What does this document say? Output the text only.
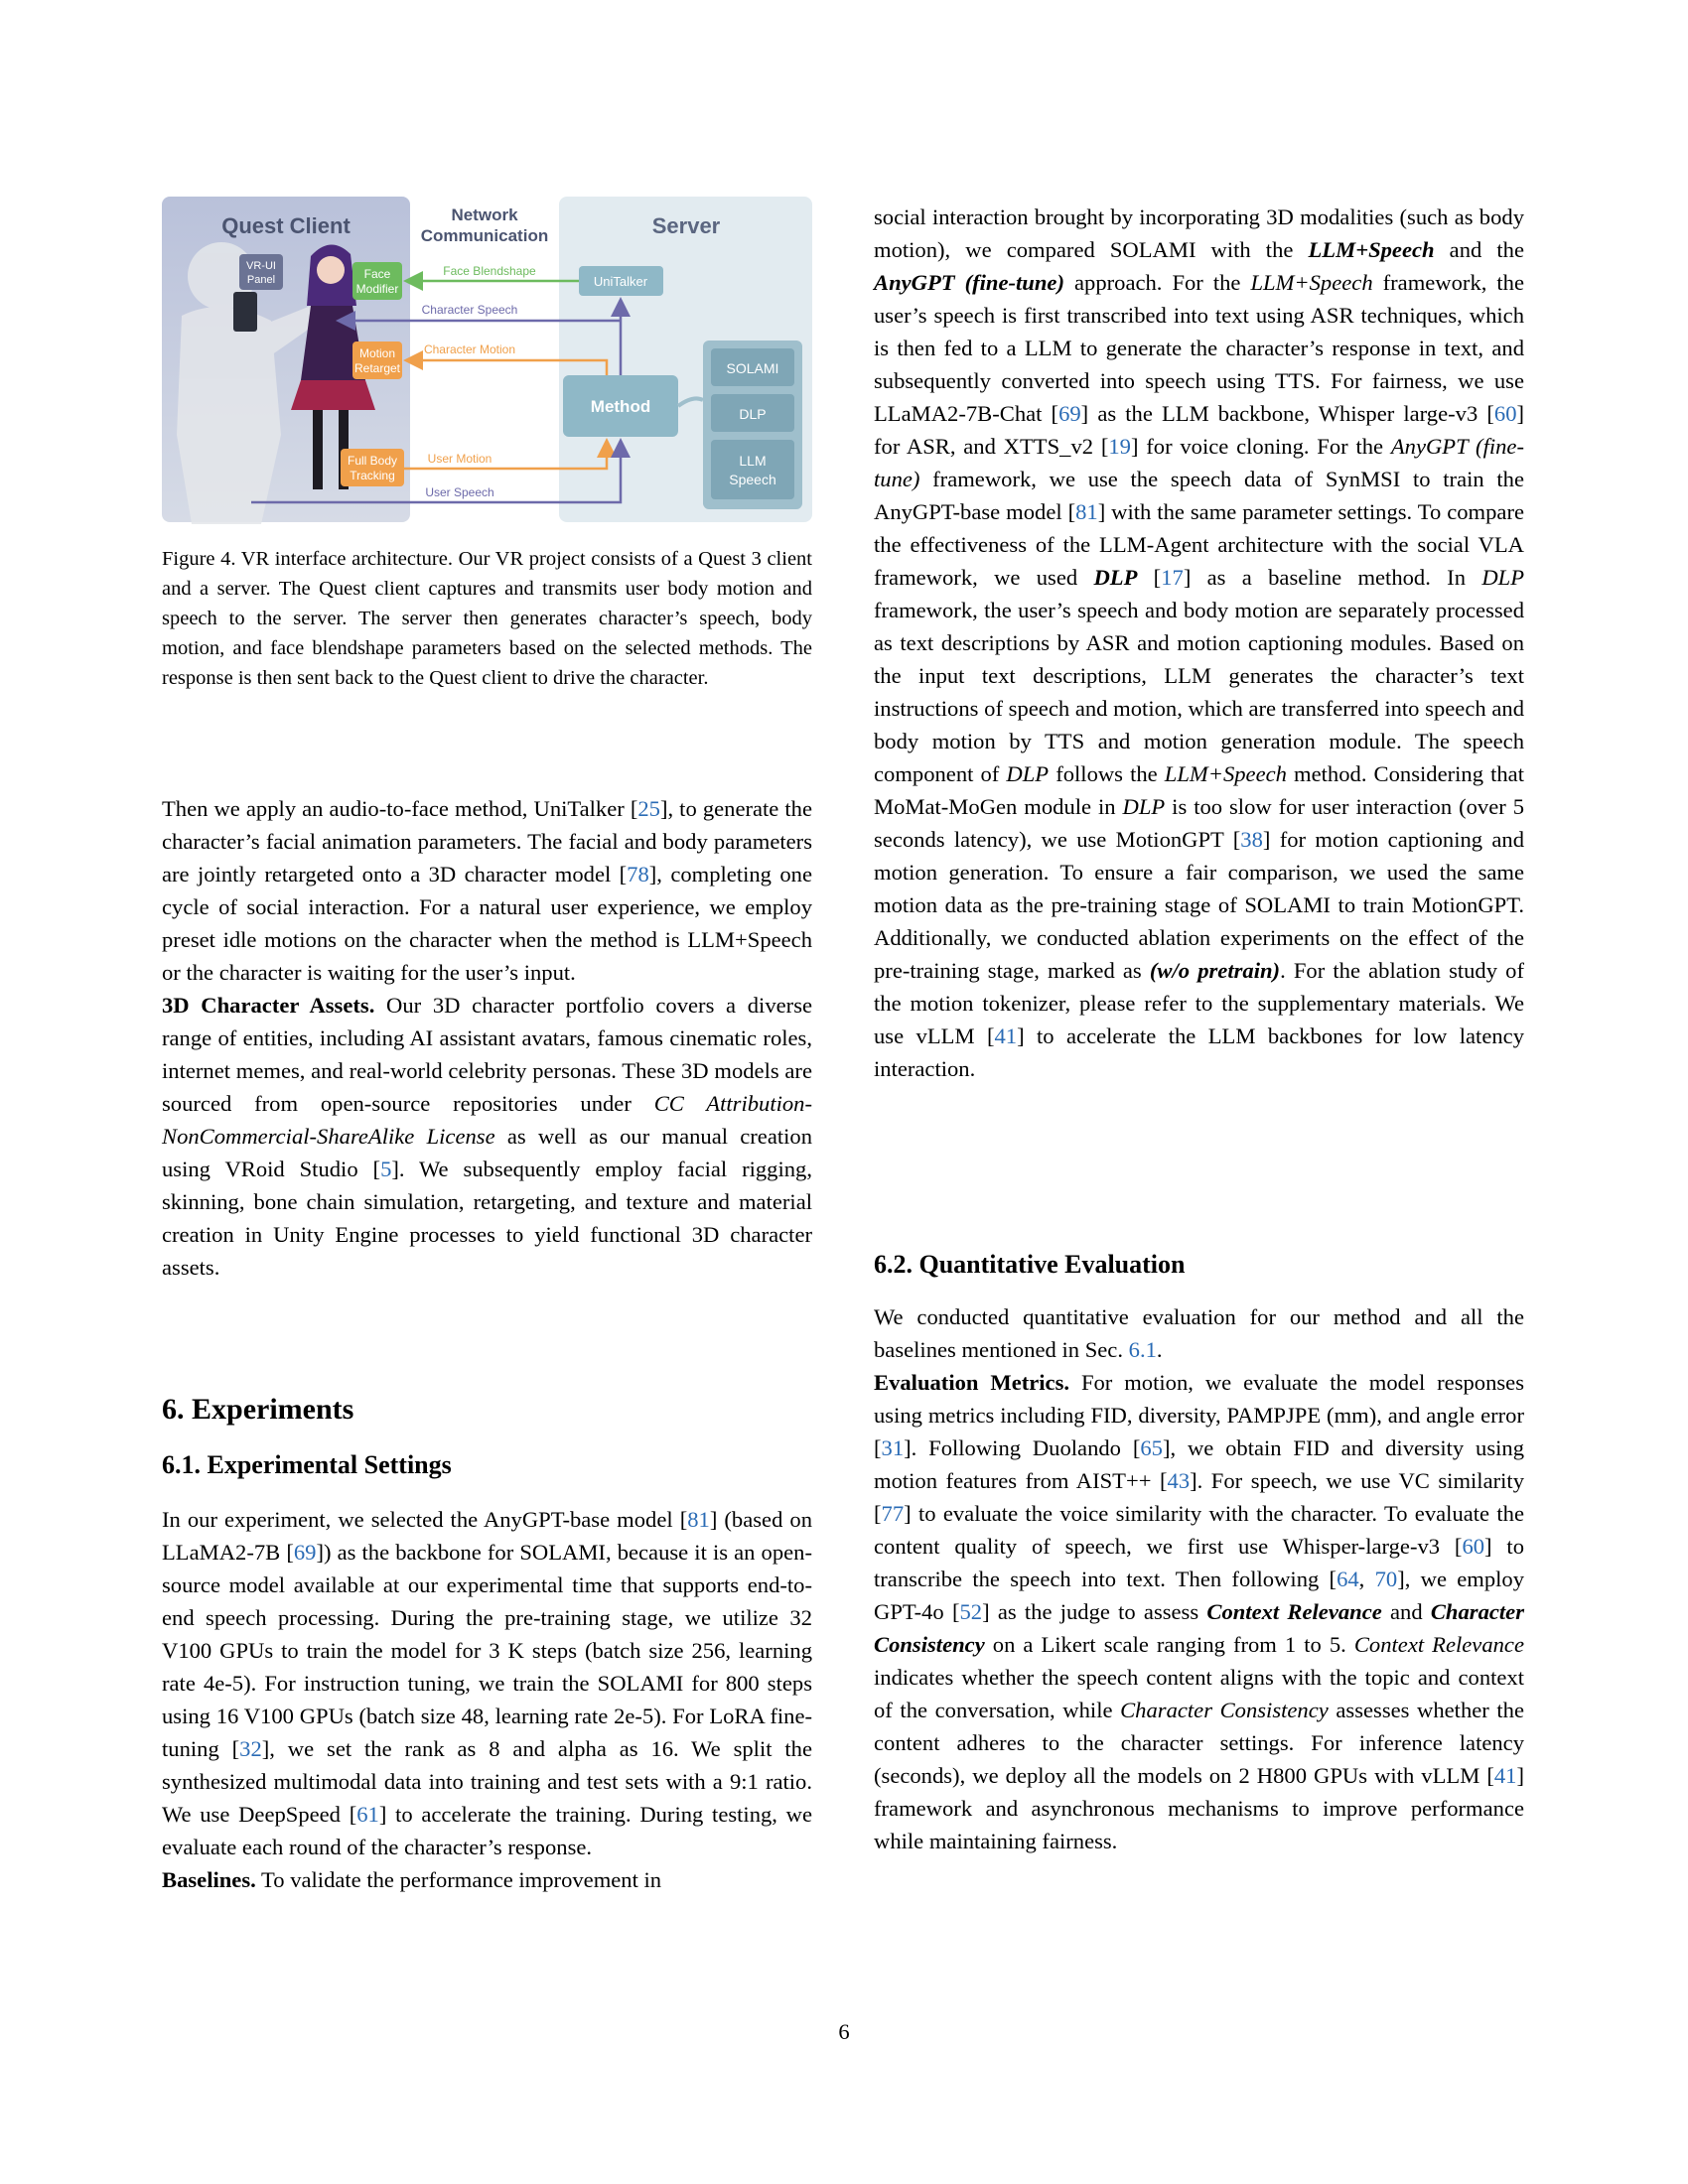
Quest Client	Network
Communication	Server
VR-UI
Panel	Face
Modifier
Motion
Retarget
Full Body
Tracking
UniTalker
Method
SOLAMI
DLP
LLM
Speech
Face Blendshape
Character Speech
Character Motion
User Motion
User Speech

Figure 4. VR interface architecture. Our VR project consists of a Quest 3 client and a server. The Quest client captures and transmits user body motion and speech to the server. The server then generates character’s speech, body motion, and face blendshape parameters based on the selected methods. The response is then sent back to the Quest client to drive the character.

Then we apply an audio-to-face method, UniTalker [25], to generate the character’s facial animation parameters. The facial and body parameters are jointly retargeted onto a 3D character model [78], completing one cycle of social interaction. For a natural user experience, we employ preset idle motions on the character when the method is LLM+Speech or the character is waiting for the user’s input.

3D Character Assets. Our 3D character portfolio covers a diverse range of entities, including AI assistant avatars, famous cinematic roles, internet memes, and real-world celebrity personas. These 3D models are sourced from open-source repositories under CC Attribution-NonCommercial-ShareAlike License as well as our manual creation using VRoid Studio [5]. We subsequently employ facial rigging, skinning, bone chain simulation, retargeting, and texture and material creation in Unity Engine processes to yield functional 3D character assets.

6. Experiments
6.1. Experimental Settings

In our experiment, we selected the AnyGPT-base model [81] (based on LLaMA2-7B [69]) as the backbone for SOLAMI, because it is an open-source model available at our experimental time that supports end-to-end speech processing. During the pre-training stage, we utilize 32 V100 GPUs to train the model for 3 K steps (batch size 256, learning rate 4e-5). For instruction tuning, we train the SOLAMI for 800 steps using 16 V100 GPUs (batch size 48, learning rate 2e-5). For LoRA fine-tuning [32], we set the rank as 8 and alpha as 16. We split the synthesized multimodal data into training and test sets with a 9:1 ratio. We use DeepSpeed [61] to accelerate the training. During testing, we evaluate each round of the character’s response.

Baselines. To validate the performance improvement in

social interaction brought by incorporating 3D modalities (such as body motion), we compared SOLAMI with the LLM+Speech and the AnyGPT (fine-tune) approach. For the LLM+Speech framework, the user’s speech is first transcribed into text using ASR techniques, which is then fed to a LLM to generate the character’s response in text, and subsequently converted into speech using TTS. For fairness, we use LLaMA2-7B-Chat [69] as the LLM backbone, Whisper large-v3 [60] for ASR, and XTTS_v2 [19] for voice cloning. For the AnyGPT (fine-tune) framework, we use the speech data of SynMSI to train the AnyGPT-base model [81] with the same parameter settings. To compare the effectiveness of the LLM-Agent architecture with the social VLA framework, we used DLP [17] as a baseline method. In DLP framework, the user’s speech and body motion are separately processed as text descriptions by ASR and motion captioning modules. Based on the input text descriptions, LLM generates the character’s text instructions of speech and motion, which are transferred into speech and body motion by TTS and motion generation module. The speech component of DLP follows the LLM+Speech method. Considering that MoMat-MoGen module in DLP is too slow for user interaction (over 5 seconds latency), we use MotionGPT [38] for motion captioning and motion generation. To ensure a fair comparison, we used the same motion data as the pre-training stage of SOLAMI to train MotionGPT. Additionally, we conducted ablation experiments on the effect of the pre-training stage, marked as (w/o pretrain). For the ablation study of the motion tokenizer, please refer to the supplementary materials. We use vLLM [41] to accelerate the LLM backbones for low latency interaction.

6.2. Quantitative Evaluation

We conducted quantitative evaluation for our method and all the baselines mentioned in Sec. 6.1.

Evaluation Metrics. For motion, we evaluate the model responses using metrics including FID, diversity, PAMPJPE (mm), and angle error [31]. Following Duolando [65], we obtain FID and diversity using motion features from AIST++ [43]. For speech, we use VC similarity [77] to evaluate the voice similarity with the character. To evaluate the content quality of speech, we first use Whisper-large-v3 [60] to transcribe the speech into text. Then following [64, 70], we employ GPT-4o [52] as the judge to assess Context Relevance and Character Consistency on a Likert scale ranging from 1 to 5. Context Relevance indicates whether the speech content aligns with the topic and context of the conversation, while Character Consistency assesses whether the content adheres to the character settings. For inference latency (seconds), we deploy all the models on 2 H800 GPUs with vLLM [41] framework and asynchronous mechanisms to improve performance while maintaining fairness.

6
